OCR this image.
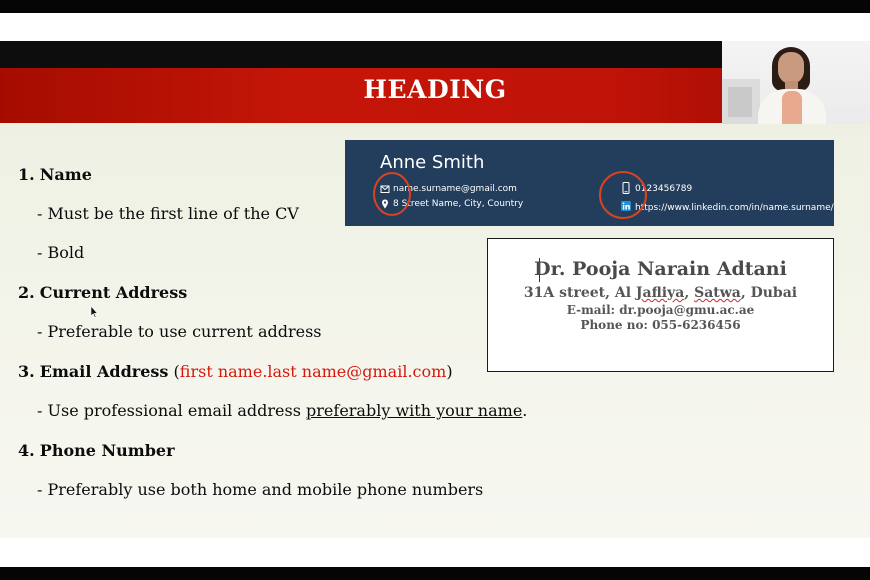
HEADING
1. Name
- Must be the first line of the CV
- Bold
2. Current Address
- Preferable to use current address
3. Email Address (first name.last name@gmail.com)
- Use professional email address preferably with your name.
4. Phone Number
- Preferably use both home and mobile phone numbers
Anne Smith
name.surname@gmail.com
8 Street Name, City, Country
0123456789
https://www.linkedin.com/in/name.surname/
Dr. Pooja Narain Adtani
31A street, Al Jafliya, Satwa, Dubai
E-mail: dr.pooja@gmu.ac.ae
Phone no: 055-6236456
